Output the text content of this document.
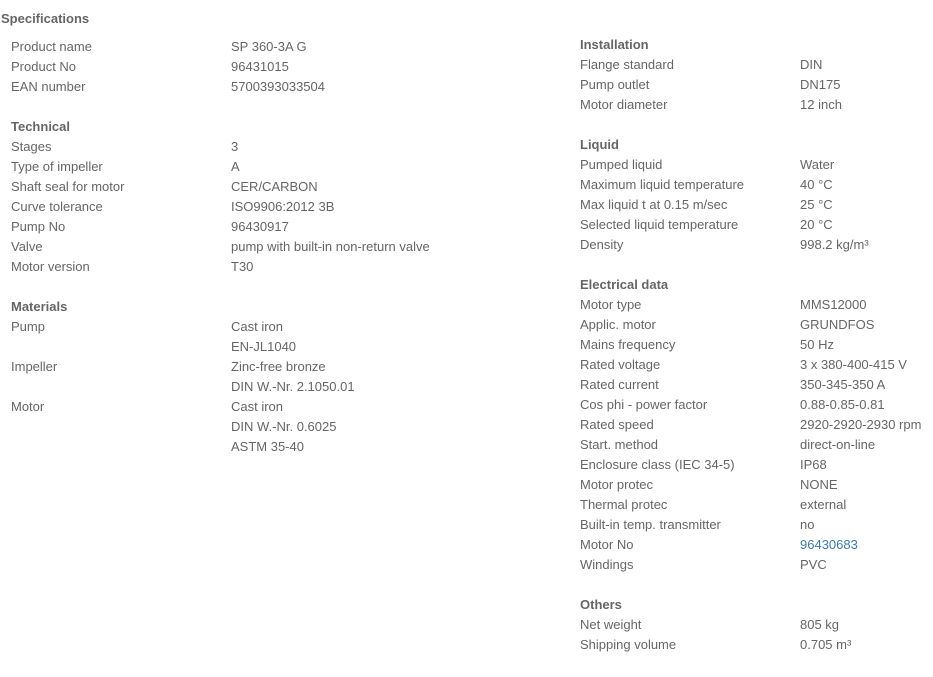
Specifications
Product name	SP 360-3A G
Product No	96431015
EAN number	5700393033504
Technical
Stages	3
Type of impeller	A
Shaft seal for motor	CER/CARBON
Curve tolerance	ISO9906:2012 3B
Pump No	96430917
Valve	pump with built-in non-return valve
Motor version	T30
Materials
Pump	Cast iron
EN-JL1040
Impeller	Zinc-free bronze
DIN W.-Nr. 2.1050.01
Motor	Cast iron
DIN W.-Nr. 0.6025
ASTM 35-40
Installation
Flange standard	DIN
Pump outlet	DN175
Motor diameter	12 inch
Liquid
Pumped liquid	Water
Maximum liquid temperature	40 °C
Max liquid t at 0.15 m/sec	25 °C
Selected liquid temperature	20 °C
Density	998.2 kg/m³
Electrical data
Motor type	MMS12000
Applic. motor	GRUNDFOS
Mains frequency	50 Hz
Rated voltage	3 x 380-400-415 V
Rated current	350-345-350 A
Cos phi - power factor	0.88-0.85-0.81
Rated speed	2920-2920-2930 rpm
Start. method	direct-on-line
Enclosure class (IEC 34-5)	IP68
Motor protec	NONE
Thermal protec	external
Built-in temp. transmitter	no
Motor No	96430683
Windings	PVC
Others
Net weight	805 kg
Shipping volume	0.705 m³
